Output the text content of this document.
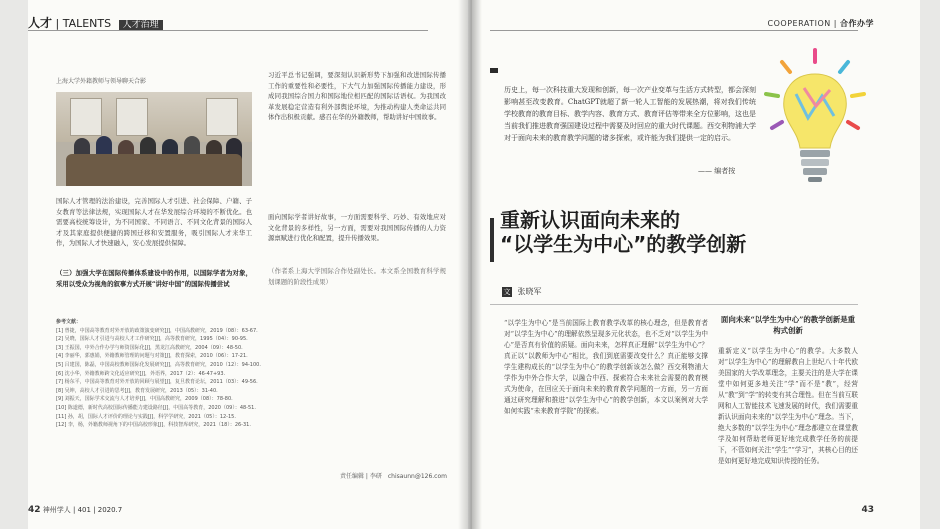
人才 | TALENTS 人才治理
上海大学外籍教师与领导聊天合影
国际人才管理的法治建设，完善国际人才引进、社会保障、户籍、子女教育等法律法规，实现国际人才在华发展综合环境的不断优化。也需要高校统筹设计，为不同国家、不同语言、不同文化背景的国际人才及其家庭提供便捷的跨国迁移和安置服务，吸引国际人才来华工作，为国际人才快速融入，安心发展提供保障。
（三）加强大学在国际传播体系建设中的作用，以国际学者为对象，采用以受众为视角的叙事方式开展“讲好中国”的国际传播尝试
习近平总书记强调，要深刻认识新形势下加强和改进国际传播工作的重要性和必要性，下大气力加强国际传播能力建设，形成同我国综合国力和国际地位相匹配的国际话语权。为我国改革发展稳定营造有利外部舆论环境，为推动构建人类命运共同体作出积极贡献。感召在华的外籍教师，帮助讲好中国故事。
面向国际学者讲好故事，一方面需要科学、巧妙、有效地应对文化背景的多样性，另一方面，需要对我国国际传播的人力资源禀赋进行优化和配置，提升传播效果。
（作者系上海大学国际合作处副处长。本文系全国教育科学规划课题的阶段性成果）
参考文献：
[1] 曾捷，中国高等教育对外开放的政策演变研究[J]，中国高教研究，2019（08）：63-67.
[2] 吴晓，国际人才引进与高校人才工作研究[J]，高等教育研究，1995（04）：90-95.
[3] 王振国，中外合作办学与师资国际化[J]，黑龙江高教研究，2004（09）：48-50.
[4] 李丽华，郭惠娟，外籍教师管理的问题与对策[J]，教育探索，2010（06）：17-21.
[5] 吕建国，陈磊，中国高校教师国际化发展研究[J]，高等教育研究，2010（12）：94-100.
[6] 沈小华，外籍教师跨文化适应研究[J]，外语界，2017（2）：46-47+93.
[7] 杨东平，中国高等教育对外开放的回顾与展望[J]，复旦教育论坛，2011（03）：49-56.
[8] 吴坤，高校人才引进的思考[J]，教育发展研究，2013（05）：31-40.
[9] 刘振天，国际学术交流与人才培养[J]，中国高教研究，2009（08）：78-80.
[10] 陈道德，新时代高校国际传播能力建设路径[J]，中国高等教育，2020（09）：48-51.
[11] 孙，胡，国际人才评价的理论与实践[J]，科学学研究，2021（05）：12-15.
[12] 李，杨，外籍教师视角下的中国高校形象[J]，科技智库研究，2021（18）：26-31.
责任编辑 | 李研　chisaunn@126.com
42 神州学人 | 401 | 2020.7
COOPERATION | 合作办学
历史上，每一次科技重大发现和创新，每一次产业变革与生活方式转型，都会深刻影响甚至改变教育。ChatGPT就超了新一轮人工智能的发展热潮，将对我们传统学校教育的教育目标、教学内容、教育方式、教育评估等带来全方位影响，这也是当前我们推进教育强国建设过程中需要及时回应的重大时代课题。西交利物浦大学对于面向未来的教育教学问题的诸多探索，或许能为我们提供一定的启示。
—— 编者按
重新认识面向未来的
“以学生为中心”的教学创新
文 张晓军
“以学生为中心”是当前国际上教育教学改革的核心理念，但是教育者对“以学生为中心”的理解依然呈现多元化状态，也不乏对“以学生为中心”是否真有价值的质疑。面向未来，怎样真正理解“以学生为中心”？真正以“以教师为中心”相比，我们到底需要改变什么？真正能够支撑学生建构成长的“以学生为中心”的教学创新该怎么做？西交利物浦大学作为中外合作大学，以融合中西、探索符合未来社会需要的教育模式为使命，在回应关于面向未来的教育教学问题的一方面，另一方面通过研究理解和推进“以学生为中心”的教学创新，本文以案例对大学如何实践“未来教育学院”的探索。
面向未来“以学生为中心”的教学创新是重构式创新
重新定义“以学生为中心”的教学。大多数人对“以学生为中心”的理解教自上世纪八十年代欧美国家的大学改革理念，主要关注的是大学在课堂中如何更多地关注“学”而不是“教”，经营从“教”到“学”的转变有其合理性。但在当前互联网和人工智能技术飞速发展的时代，我们需要重新认识面向未来的“以学生为中心”理念。当下，绝大多数的“以学生为中心”理念都建立在课堂教学及如何帮助老师更好地完成教学任务的前提下，不管如何关注“学生”“学习”，其核心目的还是如何更好地完成知识传授的任务。
43
